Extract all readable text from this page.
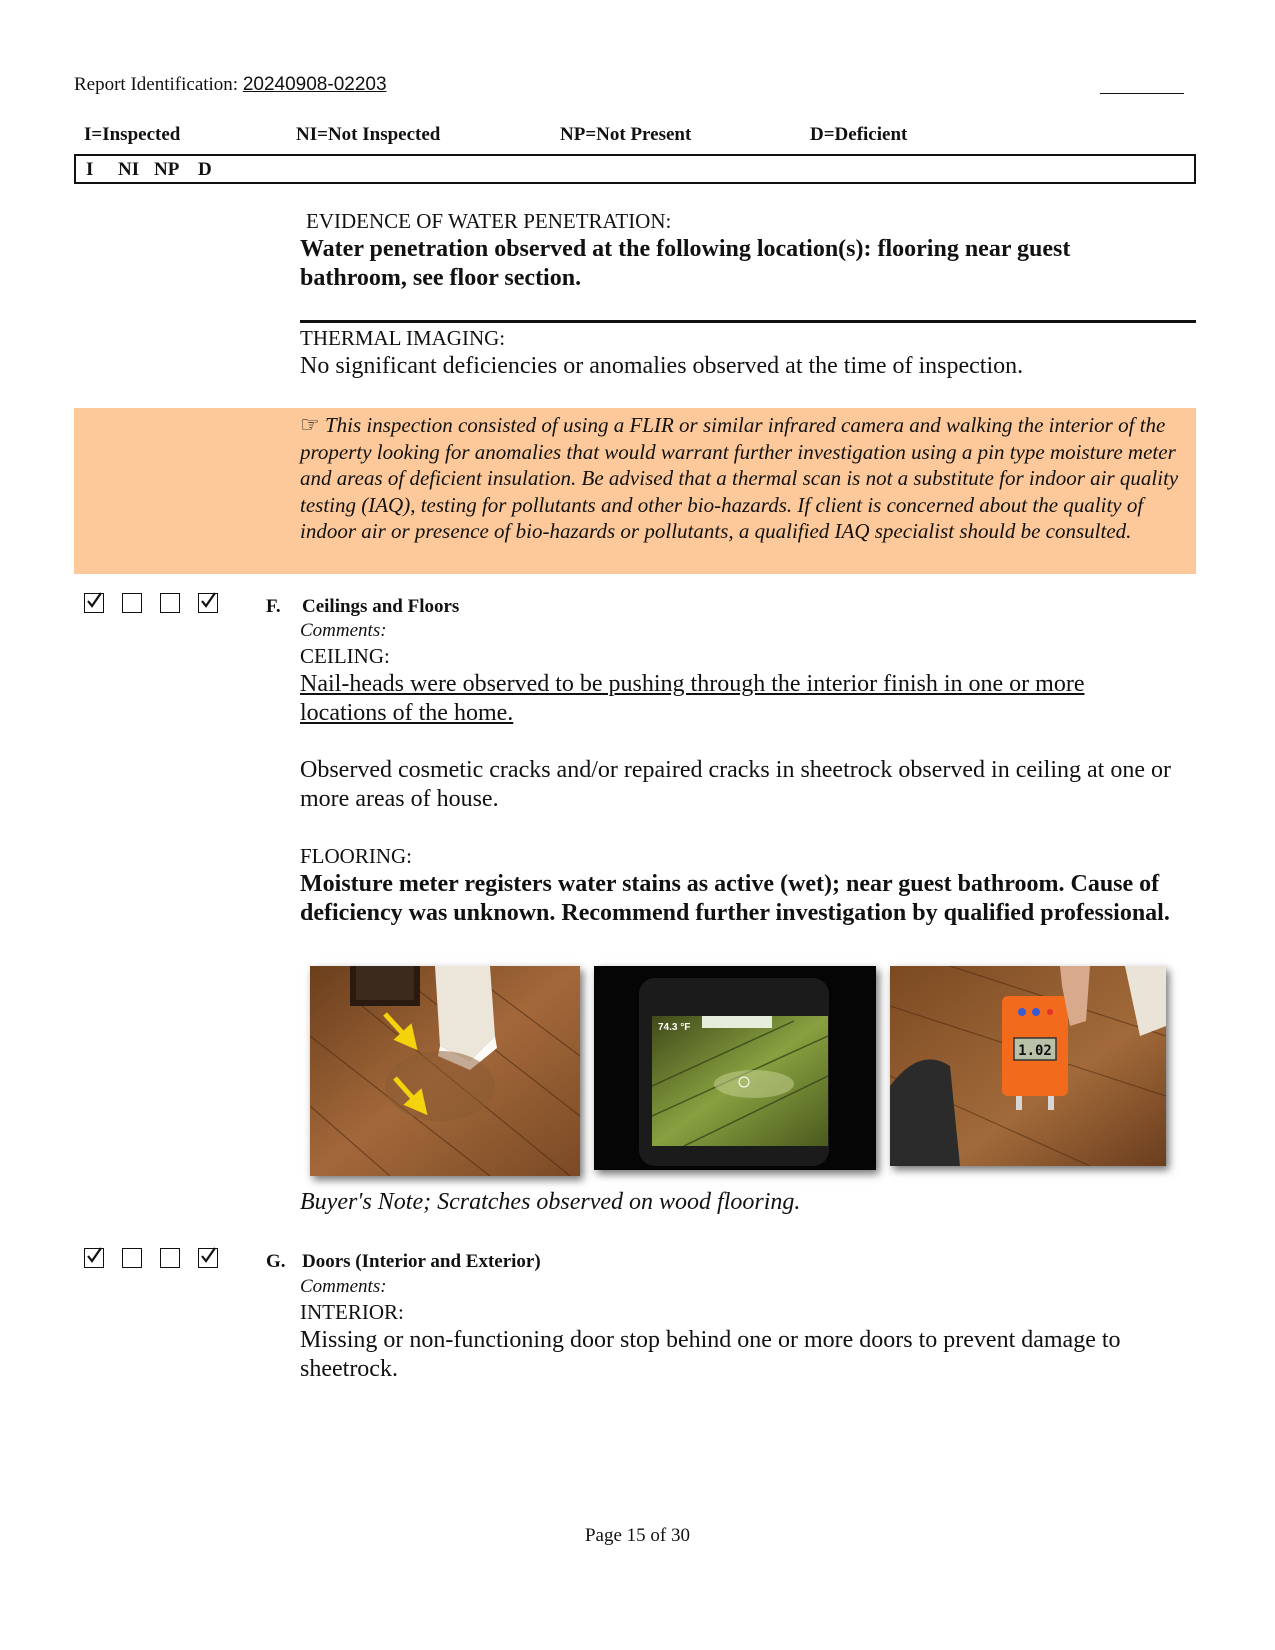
Report Identification: 20240908-02203
I=Inspected	NI=Not Inspected	NP=Not Present	D=Deficient
I NI NP D
EVIDENCE OF WATER PENETRATION:
Water penetration observed at the following location(s): flooring near guest bathroom, see floor section.
THERMAL IMAGING:
No significant deficiencies or anomalies observed at the time of inspection.
☞ This inspection consisted of using a FLIR or similar infrared camera and walking the interior of the property looking for anomalies that would warrant further investigation using a pin type moisture meter and areas of deficient insulation. Be advised that a thermal scan is not a substitute for indoor air quality testing (IAQ), testing for pollutants and other bio-hazards. If client is concerned about the quality of indoor air or presence of bio-hazards or pollutants, a qualified IAQ specialist should be consulted.
F. Ceilings and Floors
Comments:
CEILING:
Nail-heads were observed to be pushing through the interior finish in one or more locations of the home.
Observed cosmetic cracks and/or repaired cracks in sheetrock observed in ceiling at one or more areas of house.
FLOORING:
Moisture meter registers water stains as active (wet); near guest bathroom. Cause of deficiency was unknown. Recommend further investigation by qualified professional.
74.3 °F
1.02
Buyer's Note; Scratches observed on wood flooring.
G. Doors (Interior and Exterior)
Comments:
INTERIOR:
Missing or non-functioning door stop behind one or more doors to prevent damage to sheetrock.
Page 15 of 30
